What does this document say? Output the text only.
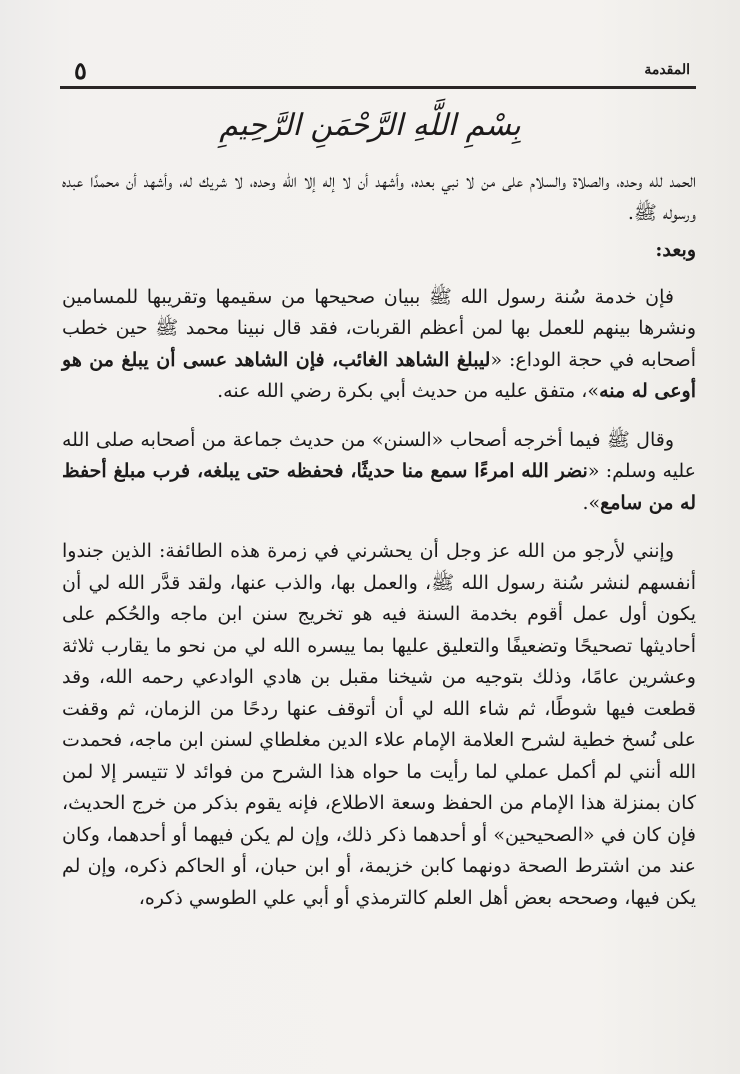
٥	المقدمة
بِسْمِ اللَّهِ الرَّحْمَنِ الرَّحِيمِ

الحمد لله وحده، والصلاة والسلام على من لا نبي بعده، وأشهد أن لا إله إلا الله وحده، لا شريك له، وأشهد أن محمدًا عبده ورسوله ﷺ.

وبعد:

فإن خدمة سُنة رسول الله ﷺ ببيان صحيحها من سقيمها وتقريبها للمسامين ونشرها بينهم للعمل بها لمن أعظم القربات، فقد قال نبينا محمد ﷺ حين خطب أصحابه في حجة الوداع: «ليبلغ الشاهد الغائب، فإن الشاهد عسى أن يبلغ من هو أوعى له منه»، متفق عليه من حديث أبي بكرة رضي الله عنه.

وقال ﷺ فيما أخرجه أصحاب «السنن» من حديث جماعة من أصحابه صلى الله عليه وسلم: «نضر الله امرءًا سمع منا حديثًا، فحفظه حتى يبلغه، فرب مبلغ أحفظ له من سامع».

وإنني لأرجو من الله عز وجل أن يحشرني في زمرة هذه الطائفة: الذين جندوا أنفسهم لنشر سُنة رسول الله ﷺ، والعمل بها، والذب عنها، ولقد قدَّر الله لي أن يكون أول عمل أقوم بخدمة السنة فيه هو تخريج سنن ابن ماجه والحُكم على أحاديثها تصحيحًا وتضعيفًا والتعليق عليها بما ييسره الله لي من نحو ما يقارب ثلاثة وعشرين عامًا، وذلك بتوجيه من شيخنا مقبل بن هادي الوادعي رحمه الله، وقد قطعت فيها شوطًا، ثم شاء الله لي أن أتوقف عنها ردحًا من الزمان، ثم وقفت على نُسخ خطية لشرح العلامة الإمام علاء الدين مغلطاي لسنن ابن ماجه، فحمدت الله أنني لم أكمل عملي لما رأيت ما حواه هذا الشرح من فوائد لا تتيسر إلا لمن كان بمنزلة هذا الإمام من الحفظ وسعة الاطلاع، فإنه يقوم بذكر من خرج الحديث، فإن كان في «الصحيحين» أو أحدهما ذكر ذلك، وإن لم يكن فيهما أو أحدهما، وكان عند من اشترط الصحة دونهما كابن خزيمة، أو ابن حبان، أو الحاكم ذكره، وإن لم يكن فيها، وصححه بعض أهل العلم كالترمذي أو أبي علي الطوسي ذكره،
